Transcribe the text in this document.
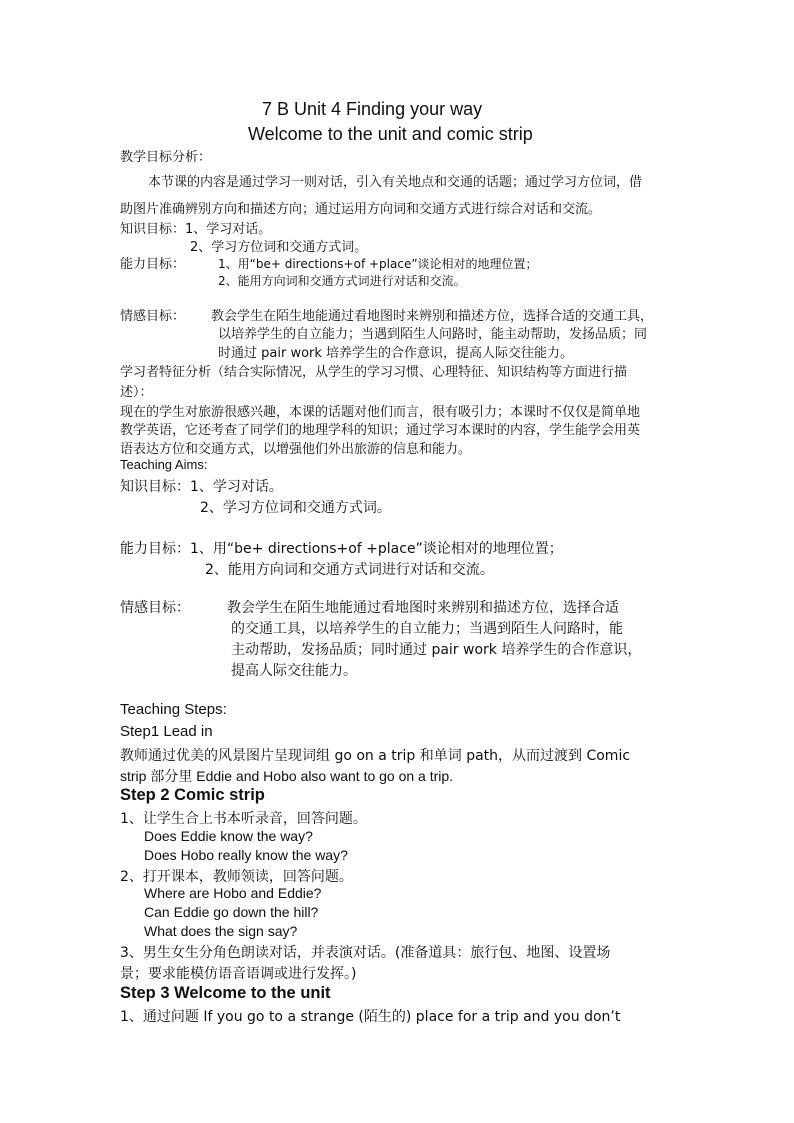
7 B Unit 4 Finding your way
Welcome to the unit and comic strip
教学目标分析：
本节课的内容是通过学习一则对话，引入有关地点和交通的话题；通过学习方位词，借
助图片准确辨别方向和描述方向；通过运用方向词和交通方式进行综合对话和交流。
知识目标：1、学习对话。
2、学习方位词和交通方式词。
能力目标：	1、用“be+ directions+of +place”谈论相对的地理位置；
2、能用方向词和交通方式词进行对话和交流。
情感目标： 教会学生在陌生地能通过看地图时来辨别和描述方位，选择合适的交通工具，
以培养学生的自立能力；当遇到陌生人问路时，能主动帮助，发扬品质；同
时通过 pair work 培养学生的合作意识，提高人际交往能力。
学习者特征分析（结合实际情况，从学生的学习习惯、心理特征、知识结构等方面进行描
述）：
现在的学生对旅游很感兴趣，本课的话题对他们而言，很有吸引力；本课时不仅仅是简单地
教学英语，它还考查了同学们的地理学科的知识；通过学习本课时的内容，学生能学会用英
语表达方位和交通方式，以增强他们外出旅游的信息和能力。
Teaching Aims:
知识目标：1、学习对话。
2、学习方位词和交通方式词。
能力目标：1、用“be+ directions+of +place”谈论相对的地理位置；
2、能用方向词和交通方式词进行对话和交流。
情感目标：	教会学生在陌生地能通过看地图时来辨别和描述方位，选择合适
的交通工具，以培养学生的自立能力；当遇到陌生人问路时，能
主动帮助，发扬品质；同时通过 pair work 培养学生的合作意识，
提高人际交往能力。
Teaching Steps:
Step1 Lead in
教师通过优美的风景图片呈现词组 go on a trip 和单词 path，从而过渡到 Comic
strip 部分里 Eddie and Hobo also want to go on a trip.
Step 2 Comic strip
1、让学生合上书本听录音，回答问题。
Does Eddie know the way?
Does Hobo really know the way?
2、打开课本，教师领读，回答问题。
Where are Hobo and Eddie?
Can Eddie go down the hill?
What does the sign say?
3、男生女生分角色朗读对话，并表演对话。(准备道具：旅行包、地图、设置场
景；要求能模仿语音语调或进行发挥。)
Step 3 Welcome to the unit
1、通过问题 If you go to a strange (陌生的) place for a trip and you don’t
